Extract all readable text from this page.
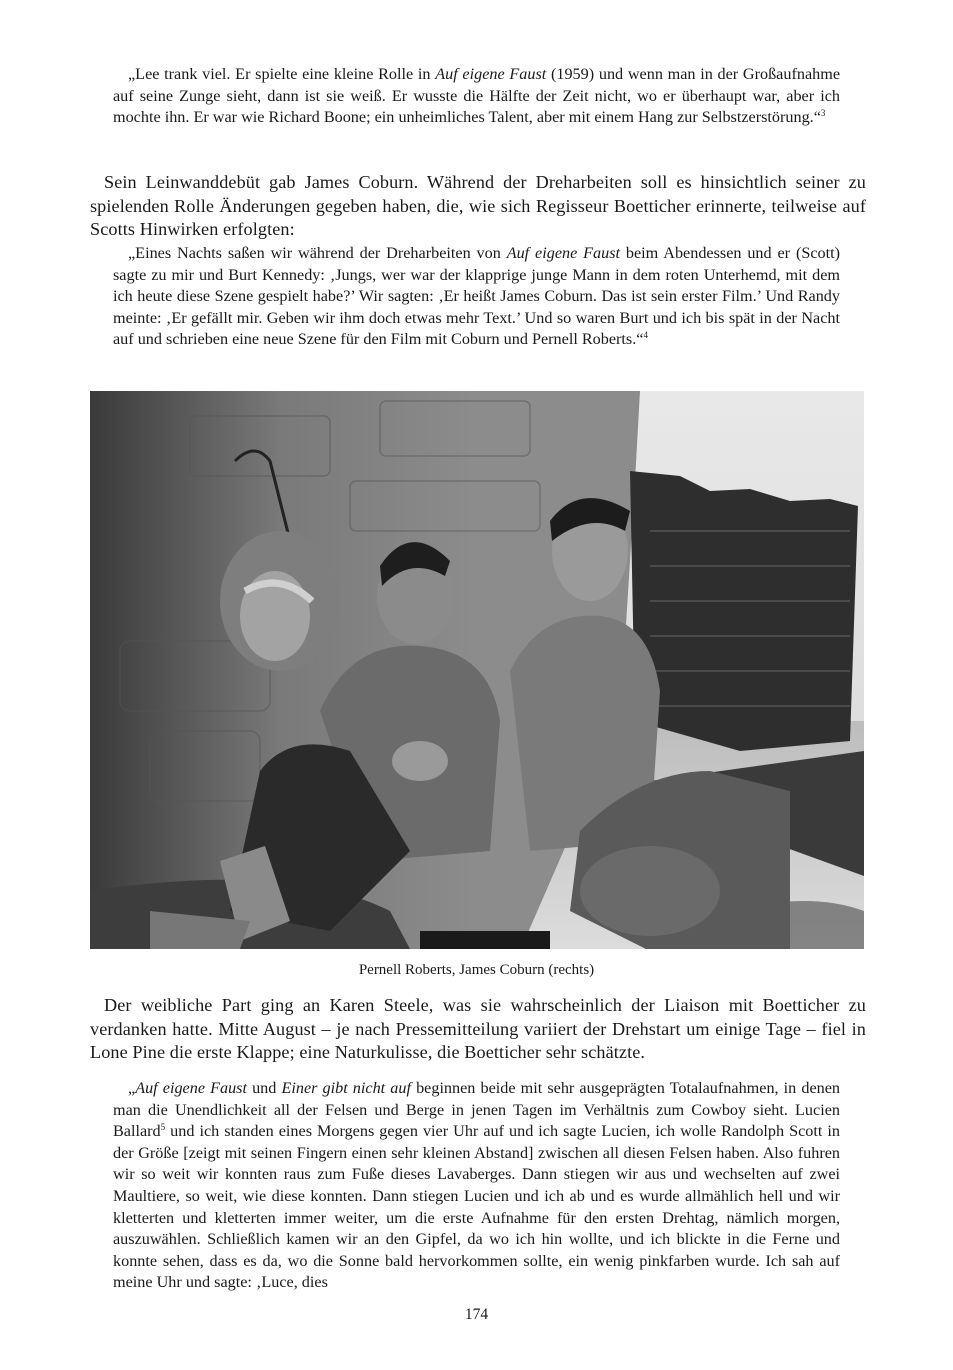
„Lee trank viel. Er spielte eine kleine Rolle in Auf eigene Faust (1959) und wenn man in der Großaufnahme auf seine Zunge sieht, dann ist sie weiß. Er wusste die Hälfte der Zeit nicht, wo er überhaupt war, aber ich mochte ihn. Er war wie Richard Boone; ein unheimliches Talent, aber mit einem Hang zur Selbstzerstörung.“$^3$

Sein Leinwanddebüt gab James Coburn. Während der Dreharbeiten soll es hinsichtlich seiner zu spielenden Rolle Änderungen gegeben haben, die, wie sich Regisseur Boetticher erinnerte, teilweise auf Scotts Hinwirken erfolgten:

„Eines Nachts saßen wir während der Dreharbeiten von Auf eigene Faust beim Abendessen und er (Scott) sagte zu mir und Burt Kennedy: ‚Jungs, wer war der klapprige junge Mann in dem roten Unterhemd, mit dem ich heute diese Szene gespielt habe?’ Wir sagten: ‚Er heißt James Coburn. Das ist sein erster Film.’ Und Randy meinte: ‚Er gefällt mir. Geben wir ihm doch etwas mehr Text.’ Und so waren Burt und ich bis spät in der Nacht auf und schrieben eine neue Szene für den Film mit Coburn und Pernell Roberts.“$^4$

Pernell Roberts, James Coburn (rechts)

Der weibliche Part ging an Karen Steele, was sie wahrscheinlich der Liaison mit Boetticher zu verdanken hatte. Mitte August – je nach Pressemitteilung variiert der Drehstart um einige Tage – fiel in Lone Pine die erste Klappe; eine Naturkulisse, die Boetticher sehr schätzte.

„Auf eigene Faust und Einer gibt nicht auf beginnen beide mit sehr ausgeprägten Totalaufnahmen, in denen man die Unendlichkeit all der Felsen und Berge in jenen Tagen im Verhältnis zum Cowboy sieht. Lucien Ballard$^5$ und ich standen eines Morgens gegen vier Uhr auf und ich sagte Lucien, ich wolle Randolph Scott in der Größe [zeigt mit seinen Fingern einen sehr kleinen Abstand] zwischen all diesen Felsen haben. Also fuhren wir so weit wir konnten raus zum Fuße dieses Lavaberges. Dann stiegen wir aus und wechselten auf zwei Maultiere, so weit, wie diese konnten. Dann stiegen Lucien und ich ab und es wurde allmählich hell und wir kletterten und kletterten immer weiter, um die erste Aufnahme für den ersten Drehtag, nämlich morgen, auszuwählen. Schließlich kamen wir an den Gipfel, da wo ich hin wollte, und ich blickte in die Ferne und konnte sehen, dass es da, wo die Sonne bald hervorkommen sollte, ein wenig pinkfarben wurde. Ich sah auf meine Uhr und sagte: ‚Luce, dies

174
